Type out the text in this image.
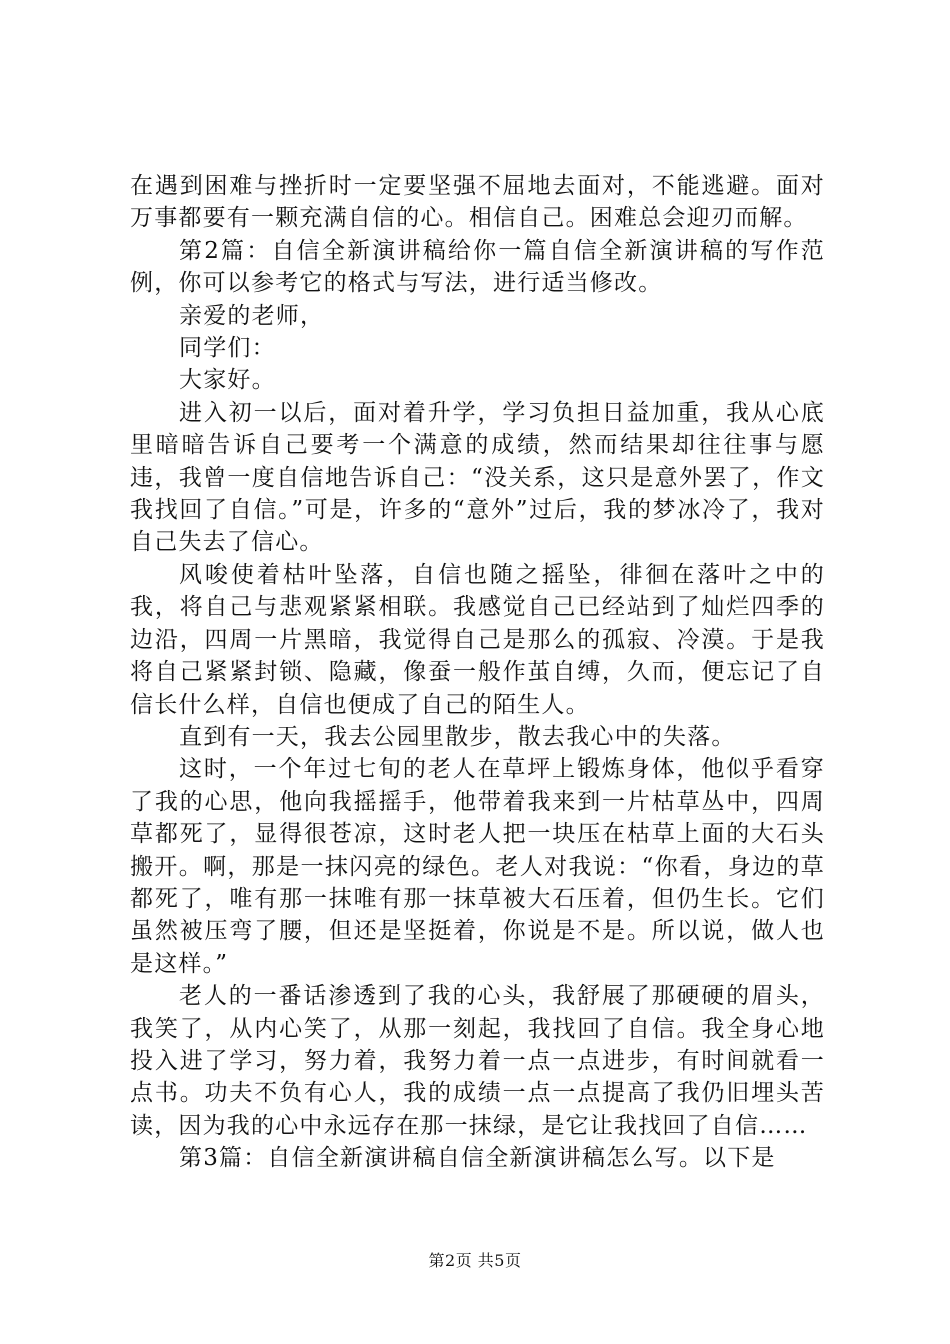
在遇到困难与挫折时一定要坚强不屈地去面对，不能逃避。面对万事都要有一颗充满自信的心。相信自己。困难总会迎刃而解。

第2篇：自信全新演讲稿给你一篇自信全新演讲稿的写作范例，你可以参考它的格式与写法，进行适当修改。

亲爱的老师，

同学们：

大家好。

进入初一以后，面对着升学，学习负担日益加重，我从心底里暗暗告诉自己要考一个满意的成绩，然而结果却往往事与愿违，我曾一度自信地告诉自己：“没关系，这只是意外罢了，作文我找回了自信。”可是，许多的“意外”过后，我的梦冰冷了，我对自己失去了信心。

风唆使着枯叶坠落，自信也随之摇坠，徘徊在落叶之中的我，将自己与悲观紧紧相联。我感觉自己已经站到了灿烂四季的边沿，四周一片黑暗，我觉得自己是那么的孤寂、冷漠。于是我将自己紧紧封锁、隐藏，像蚕一般作茧自缚，久而，便忘记了自信长什么样，自信也便成了自己的陌生人。

直到有一天，我去公园里散步，散去我心中的失落。

这时，一个年过七旬的老人在草坪上锻炼身体，他似乎看穿了我的心思，他向我摇摇手，他带着我来到一片枯草丛中，四周草都死了，显得很苍凉，这时老人把一块压在枯草上面的大石头搬开。啊，那是一抹闪亮的绿色。老人对我说：“你看，身边的草都死了，唯有那一抹唯有那一抹草被大石压着，但仍生长。它们虽然被压弯了腰，但还是坚挺着，你说是不是。所以说，做人也是这样。”

老人的一番话渗透到了我的心头，我舒展了那硬硬的眉头，我笑了，从内心笑了，从那一刻起，我找回了自信。我全身心地投入进了学习，努力着，我努力着一点一点进步，有时间就看一点书。功夫不负有心人，我的成绩一点一点提高了我仍旧埋头苦读，因为我的心中永远存在那一抹绿，是它让我找回了自信……

第3篇：自信全新演讲稿自信全新演讲稿怎么写。以下是

第2页 共5页
